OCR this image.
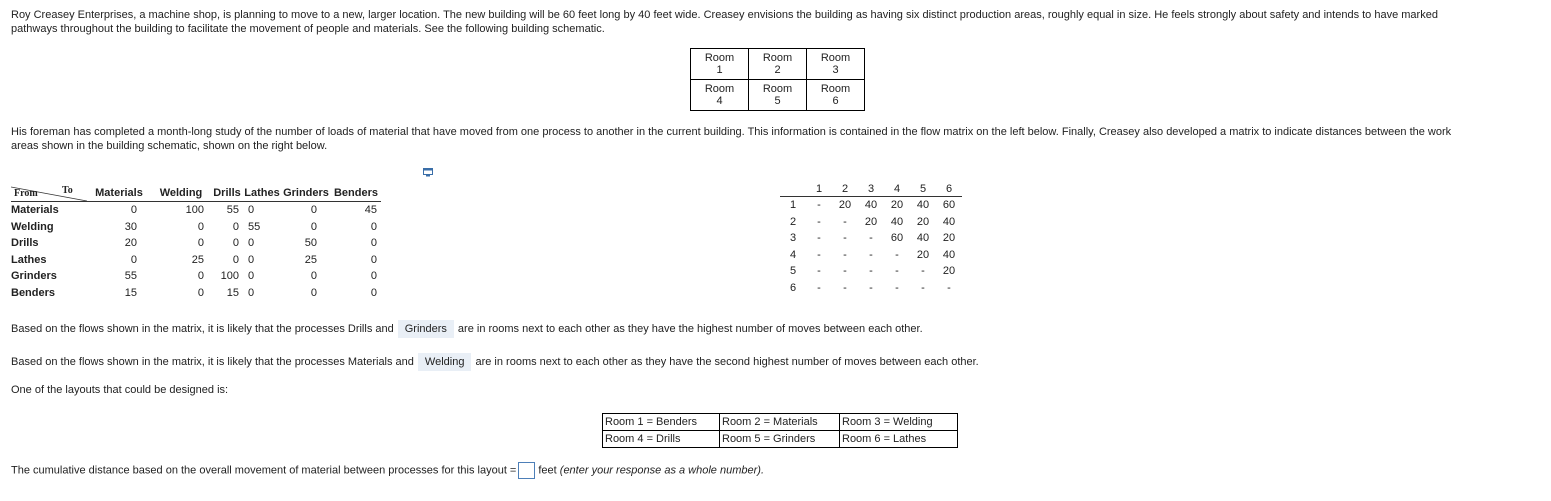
Roy Creasey Enterprises, a machine shop, is planning to move to a new, larger location. The new building will be 60 feet long by 40 feet wide. Creasey envisions the building as having six distinct production areas, roughly equal in size. He feels strongly about safety and intends to have marked
pathways throughout the building to facilitate the movement of people and materials. See the following building schematic.
Room
1	Room
2	Room
3
Room
4	Room
5	Room
6
His foreman has completed a month-long study of the number of loads of material that have moved from one process to another in the current building. This information is contained in the flow matrix on the left below. Finally, Creasey also developed a matrix to indicate distances between the work
areas shown in the building schematic, shown on the right below.
From To	Materials	Welding	Drills	Lathes	Grinders	Benders
Materials	0	100	55	0	0	45
Welding	30	0	0	55	0	0
Drills	20	0	0	0	50	0
Lathes	0	25	0	0	25	0
Grinders	55	0	100	0	0	0
Benders	15	0	15	0	0	0
	1	2	3	4	5	6
1	-	20	40	20	40	60
2	-	-	20	40	20	40
3	-	-	-	60	40	20
4	-	-	-	-	20	40
5	-	-	-	-	-	20
6	-	-	-	-	-	-
Based on the flows shown in the matrix, it is likely that the processes Drills and Grinders are in rooms next to each other as they have the highest number of moves between each other.
Based on the flows shown in the matrix, it is likely that the processes Materials and Welding are in rooms next to each other as they have the second highest number of moves between each other.
One of the layouts that could be designed is:
Room 1 = Benders	Room 2 = Materials	Room 3 = Welding
Room 4 = Drills	Room 5 = Grinders	Room 6 = Lathes
The cumulative distance based on the overall movement of material between processes for this layout = feet (enter your response as a whole number).
